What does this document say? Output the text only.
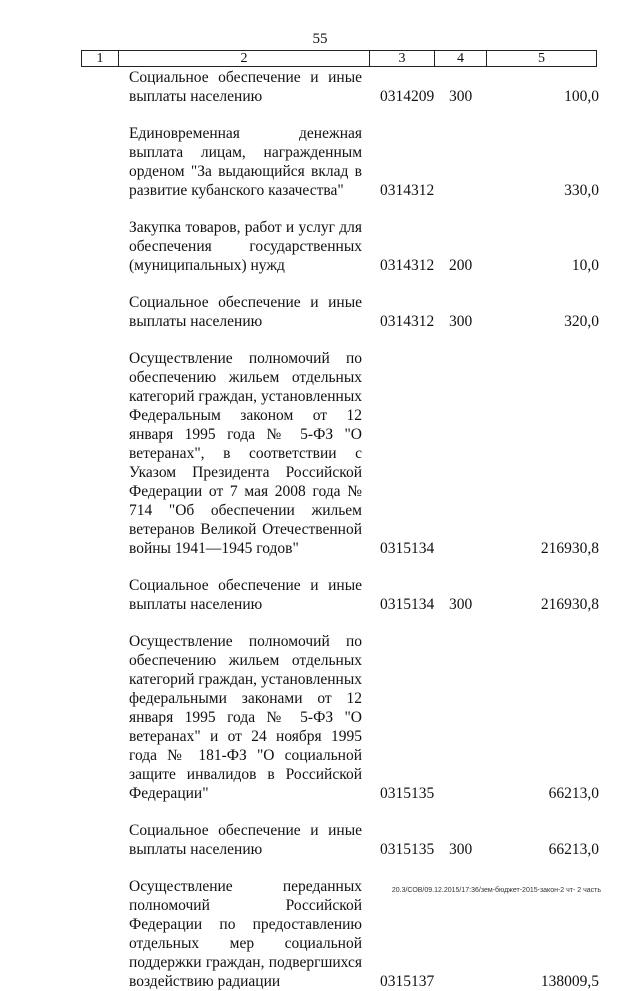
55
1	2	3	4	5
Социальное обеспечение и иные выплаты населению	0314209 300	100,0
Единовременная денежная выплата лицам, награжденным орденом "За выдающийся вклад в развитие кубанского казачества"	0314312	330,0
Закупка товаров, работ и услуг для обеспечения государственных (муниципальных) нужд	0314312 200	10,0
Социальное обеспечение и иные выплаты населению	0314312 300	320,0
Осуществление полномочий по обеспечению жильем отдельных категорий граждан, установленных Федеральным законом от 12 января 1995 года № 5-ФЗ "О ветеранах", в соответствии с Указом Президента Российской Федерации от 7 мая 2008 года № 714 "Об обеспечении жильем ветеранов Великой Отечественной войны 1941—1945 годов"	0315134	216930,8
Социальное обеспечение и иные выплаты населению	0315134 300	216930,8
Осуществление полномочий по обеспечению жильем отдельных категорий граждан, установленных федеральными законами от 12 января 1995 года № 5-ФЗ "О ветеранах" и от 24 ноября 1995 года № 181-ФЗ "О социальной защите инвалидов в Российской Федерации"	0315135	66213,0
Социальное обеспечение и иные выплаты населению	0315135 300	66213,0
Осуществление переданных полномочий Российской Федерации по предоставлению отдельных мер социальной поддержки граждан, подвергшихся воздействию радиации	0315137	138009,5
20.3/СОВ/09.12.2015/17:36/зем-бюджет-2015-закон-2 чт- 2 часть
